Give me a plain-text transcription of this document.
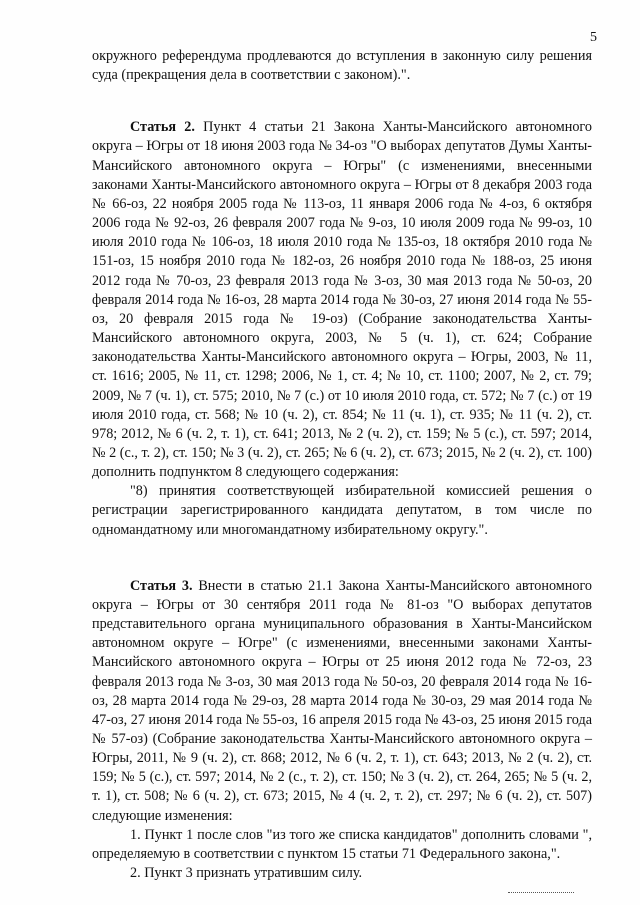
5

окружного референдума продлеваются до вступления в законную силу решения суда (прекращения дела в соответствии с законом).".

Статья 2. Пункт 4 статьи 21 Закона Ханты-Мансийского автономного округа – Югры от 18 июня 2003 года № 34-оз "О выборах депутатов Думы Ханты-Мансийского автономного округа – Югры" (с изменениями, внесенными законами Ханты-Мансийского автономного округа – Югры от 8 декабря 2003 года № 66-оз, 22 ноября 2005 года № 113-оз, 11 января 2006 года № 4-оз, 6 октября 2006 года № 92-оз, 26 февраля 2007 года № 9-оз, 10 июля 2009 года № 99-оз, 10 июля 2010 года № 106-оз, 18 июля 2010 года № 135-оз, 18 октября 2010 года № 151-оз, 15 ноября 2010 года № 182-оз, 26 ноября 2010 года № 188-оз, 25 июня 2012 года № 70-оз, 23 февраля 2013 года № 3-оз, 30 мая 2013 года № 50-оз, 20 февраля 2014 года № 16-оз, 28 марта 2014 года № 30-оз, 27 июня 2014 года № 55-оз, 20 февраля 2015 года № 19-оз) (Собрание законодательства Ханты-Мансийского автономного округа, 2003, № 5 (ч. 1), ст. 624; Собрание законодательства Ханты-Мансийского автономного округа – Югры, 2003, № 11, ст. 1616; 2005, № 11, ст. 1298; 2006, № 1, ст. 4; № 10, ст. 1100; 2007, № 2, ст. 79; 2009, № 7 (ч. 1), ст. 575; 2010, № 7 (с.) от 10 июля 2010 года, ст. 572; № 7 (с.) от 19 июля 2010 года, ст. 568; № 10 (ч. 2), ст. 854; № 11 (ч. 1), ст. 935; № 11 (ч. 2), ст. 978; 2012, № 6 (ч. 2, т. 1), ст. 641; 2013, № 2 (ч. 2), ст. 159; № 5 (с.), ст. 597; 2014, № 2 (с., т. 2), ст. 150; № 3 (ч. 2), ст. 265; № 6 (ч. 2), ст. 673; 2015, № 2 (ч. 2), ст. 100) дополнить подпунктом 8 следующего содержания:

"8) принятия соответствующей избирательной комиссией решения о регистрации зарегистрированного кандидата депутатом, в том числе по одномандатному или многомандатному избирательному округу.".

Статья 3. Внести в статью 21.1 Закона Ханты-Мансийского автономного округа – Югры от 30 сентября 2011 года № 81-оз "О выборах депутатов представительного органа муниципального образования в Ханты-Мансийском автономном округе – Югре" (с изменениями, внесенными законами Ханты-Мансийского автономного округа – Югры от 25 июня 2012 года № 72-оз, 23 февраля 2013 года № 3-оз, 30 мая 2013 года № 50-оз, 20 февраля 2014 года № 16-оз, 28 марта 2014 года № 29-оз, 28 марта 2014 года № 30-оз, 29 мая 2014 года № 47-оз, 27 июня 2014 года № 55-оз, 16 апреля 2015 года № 43-оз, 25 июня 2015 года № 57-оз) (Собрание законодательства Ханты-Мансийского автономного округа – Югры, 2011, № 9 (ч. 2), ст. 868; 2012, № 6 (ч. 2, т. 1), ст. 643; 2013, № 2 (ч. 2), ст. 159; № 5 (с.), ст. 597; 2014, № 2 (с., т. 2), ст. 150; № 3 (ч. 2), ст. 264, 265; № 5 (ч. 2, т. 1), ст. 508; № 6 (ч. 2), ст. 673; 2015, № 4 (ч. 2, т. 2), ст. 297; № 6 (ч. 2), ст. 507) следующие изменения:

1. Пункт 1 после слов "из того же списка кандидатов" дополнить словами ", определяемую в соответствии с пунктом 15 статьи 71 Федерального закона,".

2. Пункт 3 признать утратившим силу.
